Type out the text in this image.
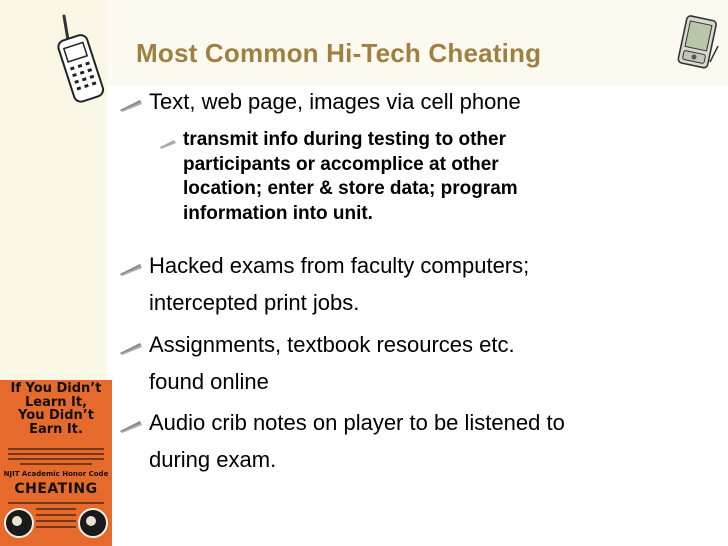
Most Common Hi-Tech Cheating
Text, web page, images via cell phone
transmit info during testing to other
participants or accomplice at other
location; enter & store data; program
information into unit.
Hacked exams from faculty computers;
intercepted print jobs.
Assignments, textbook resources etc.
found online
Audio crib notes on player to be listened to
during exam.
If You Didn’t
Learn It,
You Didn’t
Earn It.
NJIT Academic Honor Code
CHEATING
